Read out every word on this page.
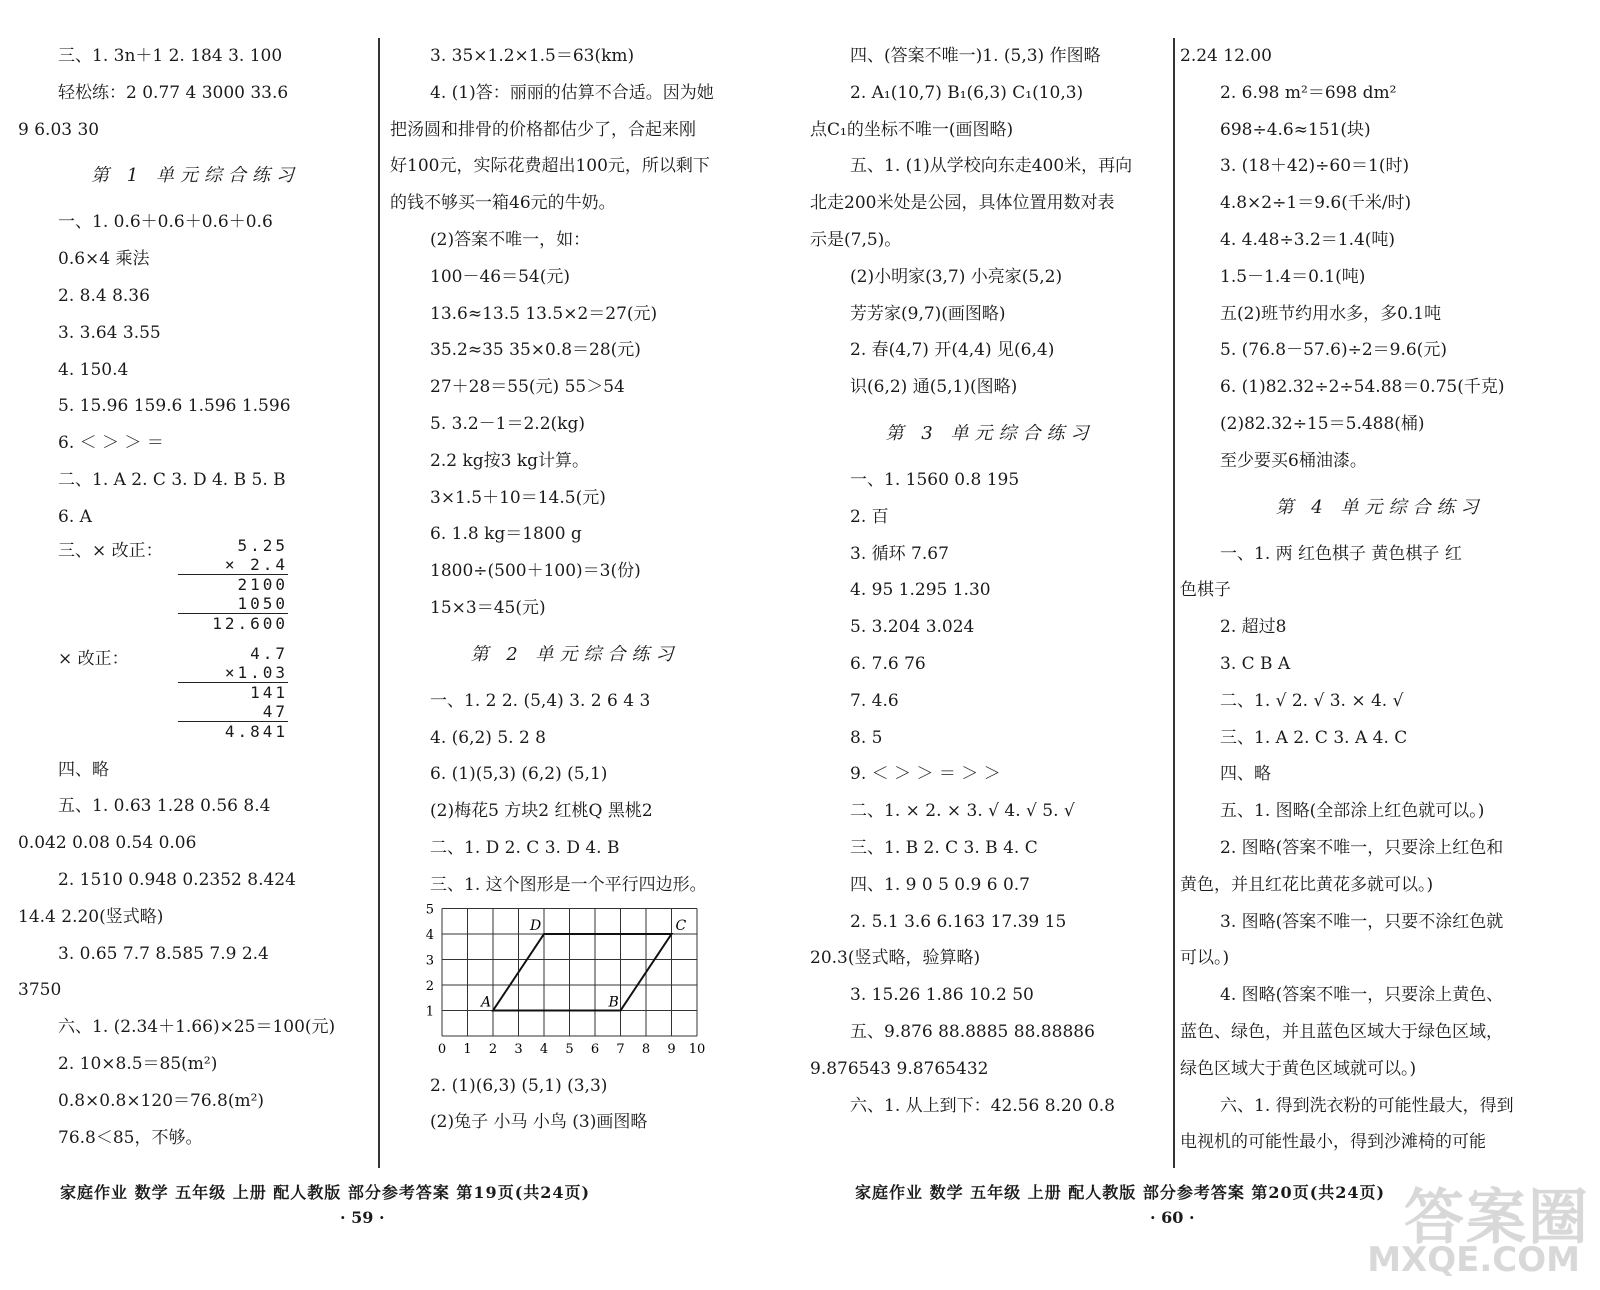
三、1. 3n＋1 2. 184 3. 100
轻松练：2 0.77 4 3000 33.6
9 6.03 30
第 1 单元综合练习
一、1. 0.6＋0.6＋0.6＋0.6
0.6×4 乘法
2. 8.4 8.36
3. 3.64 3.55
4. 150.4
5. 15.96 159.6 1.596 1.596
6. ＜ ＞ ＞ ＝
二、1. A 2. C 3. D 4. B 5. B
6. A
三、× 改正：	5.25
× 2.4
2100
1050
12.600
× 改正：	4.7
×1.03
141
47
4.841
四、略
五、1. 0.63 1.28 0.56 8.4
0.042 0.08 0.54 0.06
2. 1510 0.948 0.2352 8.424
14.4 2.20(竖式略)
3. 0.65 7.7 8.585 7.9 2.4
3750
六、1. (2.34＋1.66)×25＝100(元)
2. 10×8.5＝85(m²)
0.8×0.8×120＝76.8(m²)
76.8＜85，不够。
3. 35×1.2×1.5＝63(km)
4. (1)答：丽丽的估算不合适。因为她
把汤圆和排骨的价格都估少了，合起来刚
好100元，实际花费超出100元，所以剩下
的钱不够买一箱46元的牛奶。
(2)答案不唯一，如：
100－46＝54(元)
13.6≈13.5 13.5×2＝27(元)
35.2≈35 35×0.8＝28(元)
27＋28＝55(元) 55＞54
5. 3.2－1＝2.2(kg)
2.2 kg按3 kg计算。
3×1.5＋10＝14.5(元)
6. 1.8 kg＝1800 g
1800÷(500＋100)＝3(份)
15×3＝45(元)
第 2 单元综合练习
一、1. 2 2. (5,4) 3. 2 6 4 3
4. (6,2) 5. 2 8
6. (1)(5,3) (6,2) (5,1)
(2)梅花5 方块2 红桃Q 黑桃2
二、1. D 2. C 3. D 4. B
三、1. 这个图形是一个平行四边形。
0 1 2 3 4 5 6 7 8 9 10
1
2
3
4
5
A	B
C
D
2. (1)(6,3) (5,1) (3,3)
(2)兔子 小马 小鸟 (3)画图略
四、(答案不唯一)1. (5,3) 作图略
2. A₁(10,7) B₁(6,3) C₁(10,3)
点C₁的坐标不唯一(画图略)
五、1. (1)从学校向东走400米，再向
北走200米处是公园，具体位置用数对表
示是(7,5)。
(2)小明家(3,7) 小亮家(5,2)
芳芳家(9,7)(画图略)
2. 春(4,7) 开(4,4) 见(6,4)
识(6,2) 通(5,1)(图略)
第 3 单元综合练习
一、1. 1560 0.8 195
2. 百
3. 循环 7.67
4. 95 1.295 1.30
5. 3.204 3.024
6. 7.6 76
7. 4.6
8. 5
9. ＜ ＞ ＞ ＝ ＞ ＞
二、1. × 2. × 3. √ 4. √ 5. √
三、1. B 2. C 3. B 4. C
四、1. 9 0 5 0.9 6 0.7
2. 5.1 3.6 6.163 17.39 15
20.3(竖式略，验算略)
3. 15.26 1.86 10.2 50
五、9.876 88.8885 88.88886
9.876543 9.8765432
六、1. 从上到下：42.56 8.20 0.8
2.24 12.00
2. 6.98 m²＝698 dm²
698÷4.6≈151(块)
3. (18＋42)÷60＝1(时)
4.8×2÷1＝9.6(千米/时)
4. 4.48÷3.2＝1.4(吨)
1.5－1.4＝0.1(吨)
五(2)班节约用水多，多0.1吨
5. (76.8－57.6)÷2＝9.6(元)
6. (1)82.32÷2÷54.88＝0.75(千克)
(2)82.32÷15＝5.488(桶)
至少要买6桶油漆。
第 4 单元综合练习
一、1. 两 红色棋子 黄色棋子 红
色棋子
2. 超过8
3. C B A
二、1. √ 2. √ 3. × 4. √
三、1. A 2. C 3. A 4. C
四、略
五、1. 图略(全部涂上红色就可以。)
2. 图略(答案不唯一，只要涂上红色和
黄色，并且红花比黄花多就可以。)
3. 图略(答案不唯一，只要不涂红色就
可以。)
4. 图略(答案不唯一，只要涂上黄色、
蓝色、绿色，并且蓝色区域大于绿色区域，
绿色区域大于黄色区域就可以。)
六、1. 得到洗衣粉的可能性最大，得到
电视机的可能性最小，得到沙滩椅的可能
家庭作业 数学 五年级 上册 配人教版 部分参考答案 第19页(共24页)
· 59 ·
家庭作业 数学 五年级 上册 配人教版 部分参考答案 第20页(共24页)
· 60 ·	答案圈
MXQE.COM
